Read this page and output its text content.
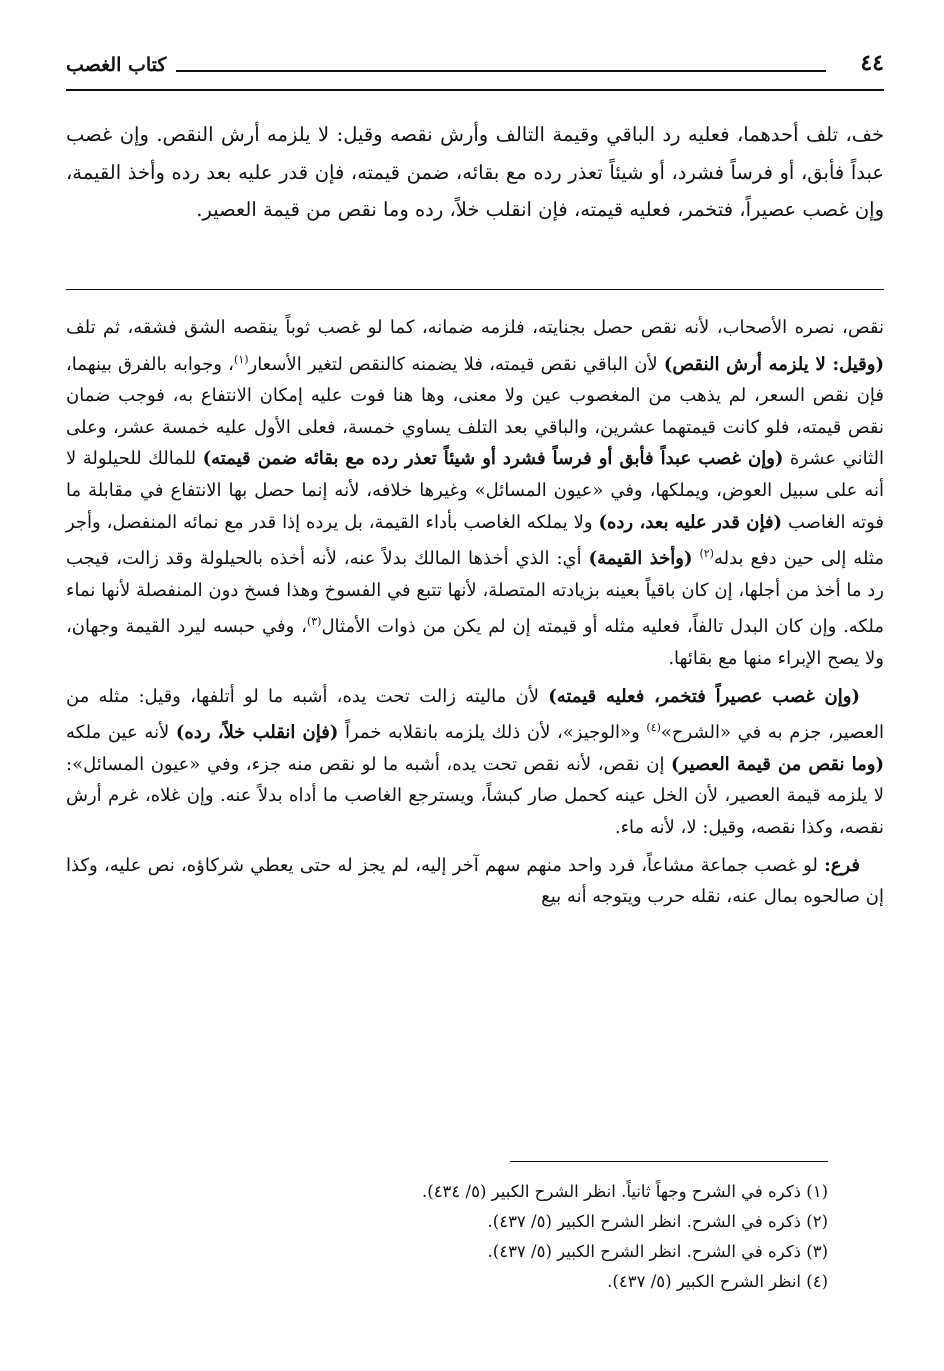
٤٤
كتاب الغصب
خف، تلف أحدهما، فعليه رد الباقي وقيمة التالف وأرش نقصه وقيل: لا يلزمه أرش النقص. وإن غصب عبداً فأبق، أو فرساً فشرد، أو شيئاً تعذر رده مع بقائه، ضمن قيمته، فإن قدر عليه بعد رده وأخذ القيمة، وإن غصب عصيراً، فتخمر، فعليه قيمته، فإن انقلب خلاً، رده وما نقص من قيمة العصير.

نقص، نصره الأصحاب، لأنه نقص حصل بجنايته، فلزمه ضمانه، كما لو غصب ثوباً ينقصه الشق فشقه، ثم تلف (وقيل: لا يلزمه أرش النقص) لأن الباقي نقص قيمته، فلا يضمنه كالنقص لتغير الأسعار$^{(١)}$، وجوابه بالفرق بينهما، فإن نقص السعر، لم يذهب من المغصوب عين ولا معنى، وها هنا فوت عليه إمكان الانتفاع به، فوجب ضمان نقص قيمته، فلو كانت قيمتهما عشرين، والباقي بعد التلف يساوي خمسة، فعلى الأول عليه خمسة عشر، وعلى الثاني عشرة (وإن غصب عبداً فأبق أو فرساً فشرد أو شيئاً تعذر رده مع بقائه ضمن قيمته) للمالك للحيلولة لا أنه على سبيل العوض، ويملكها، وفي «عيون المسائل» وغيرها خلافه، لأنه إنما حصل بها الانتفاع في مقابلة ما فوته الغاصب (فإن قدر عليه بعد، رده) ولا يملكه الغاصب بأداء القيمة، بل يرده إذا قدر مع نمائه المنفصل، وأجر مثله إلى حين دفع بدله$^{(٢)}$ (وأخذ القيمة) أي: الذي أخذها المالك بدلاً عنه، لأنه أخذه بالحيلولة وقد زالت، فيجب رد ما أخذ من أجلها، إن كان باقياً بعينه بزيادته المتصلة، لأنها تتبع في الفسوخ وهذا فسخ دون المنفصلة لأنها نماء ملكه. وإن كان البدل تالفاً، فعليه مثله أو قيمته إن لم يكن من ذوات الأمثال$^{(٣)}$، وفي حبسه ليرد القيمة وجهان، ولا يصح الإبراء منها مع بقائها.

(وإن غصب عصيراً فتخمر، فعليه قيمته) لأن ماليته زالت تحت يده، أشبه ما لو أتلفها، وقيل: مثله من العصير، جزم به في «الشرح»$^{(٤)}$ و«الوجيز»، لأن ذلك يلزمه بانقلابه خمراً (فإن انقلب خلاً، رده) لأنه عين ملكه (وما نقص من قيمة العصير) إن نقص، لأنه نقص تحت يده، أشبه ما لو نقص منه جزء، وفي «عيون المسائل»: لا يلزمه قيمة العصير، لأن الخل عينه كحمل صار كبشاً، ويسترجع الغاصب ما أداه بدلاً عنه. وإن غلاه، غرم أرش نقصه، وكذا نقصه، وقيل: لا، لأنه ماء.

فرع: لو غصب جماعة مشاعاً، فرد واحد منهم سهم آخر إليه، لم يجز له حتى يعطي شركاؤه، نص عليه، وكذا إن صالحوه بمال عنه، نقله حرب ويتوجه أنه بيع

(١) ذكره في الشرح وجهاً ثانياً. انظر الشرح الكبير (٥/ ٤٣٤).
(٢) ذكره في الشرح. انظر الشرح الكبير (٥/ ٤٣٧).
(٣) ذكره في الشرح. انظر الشرح الكبير (٥/ ٤٣٧).
(٤) انظر الشرح الكبير (٥/ ٤٣٧).
